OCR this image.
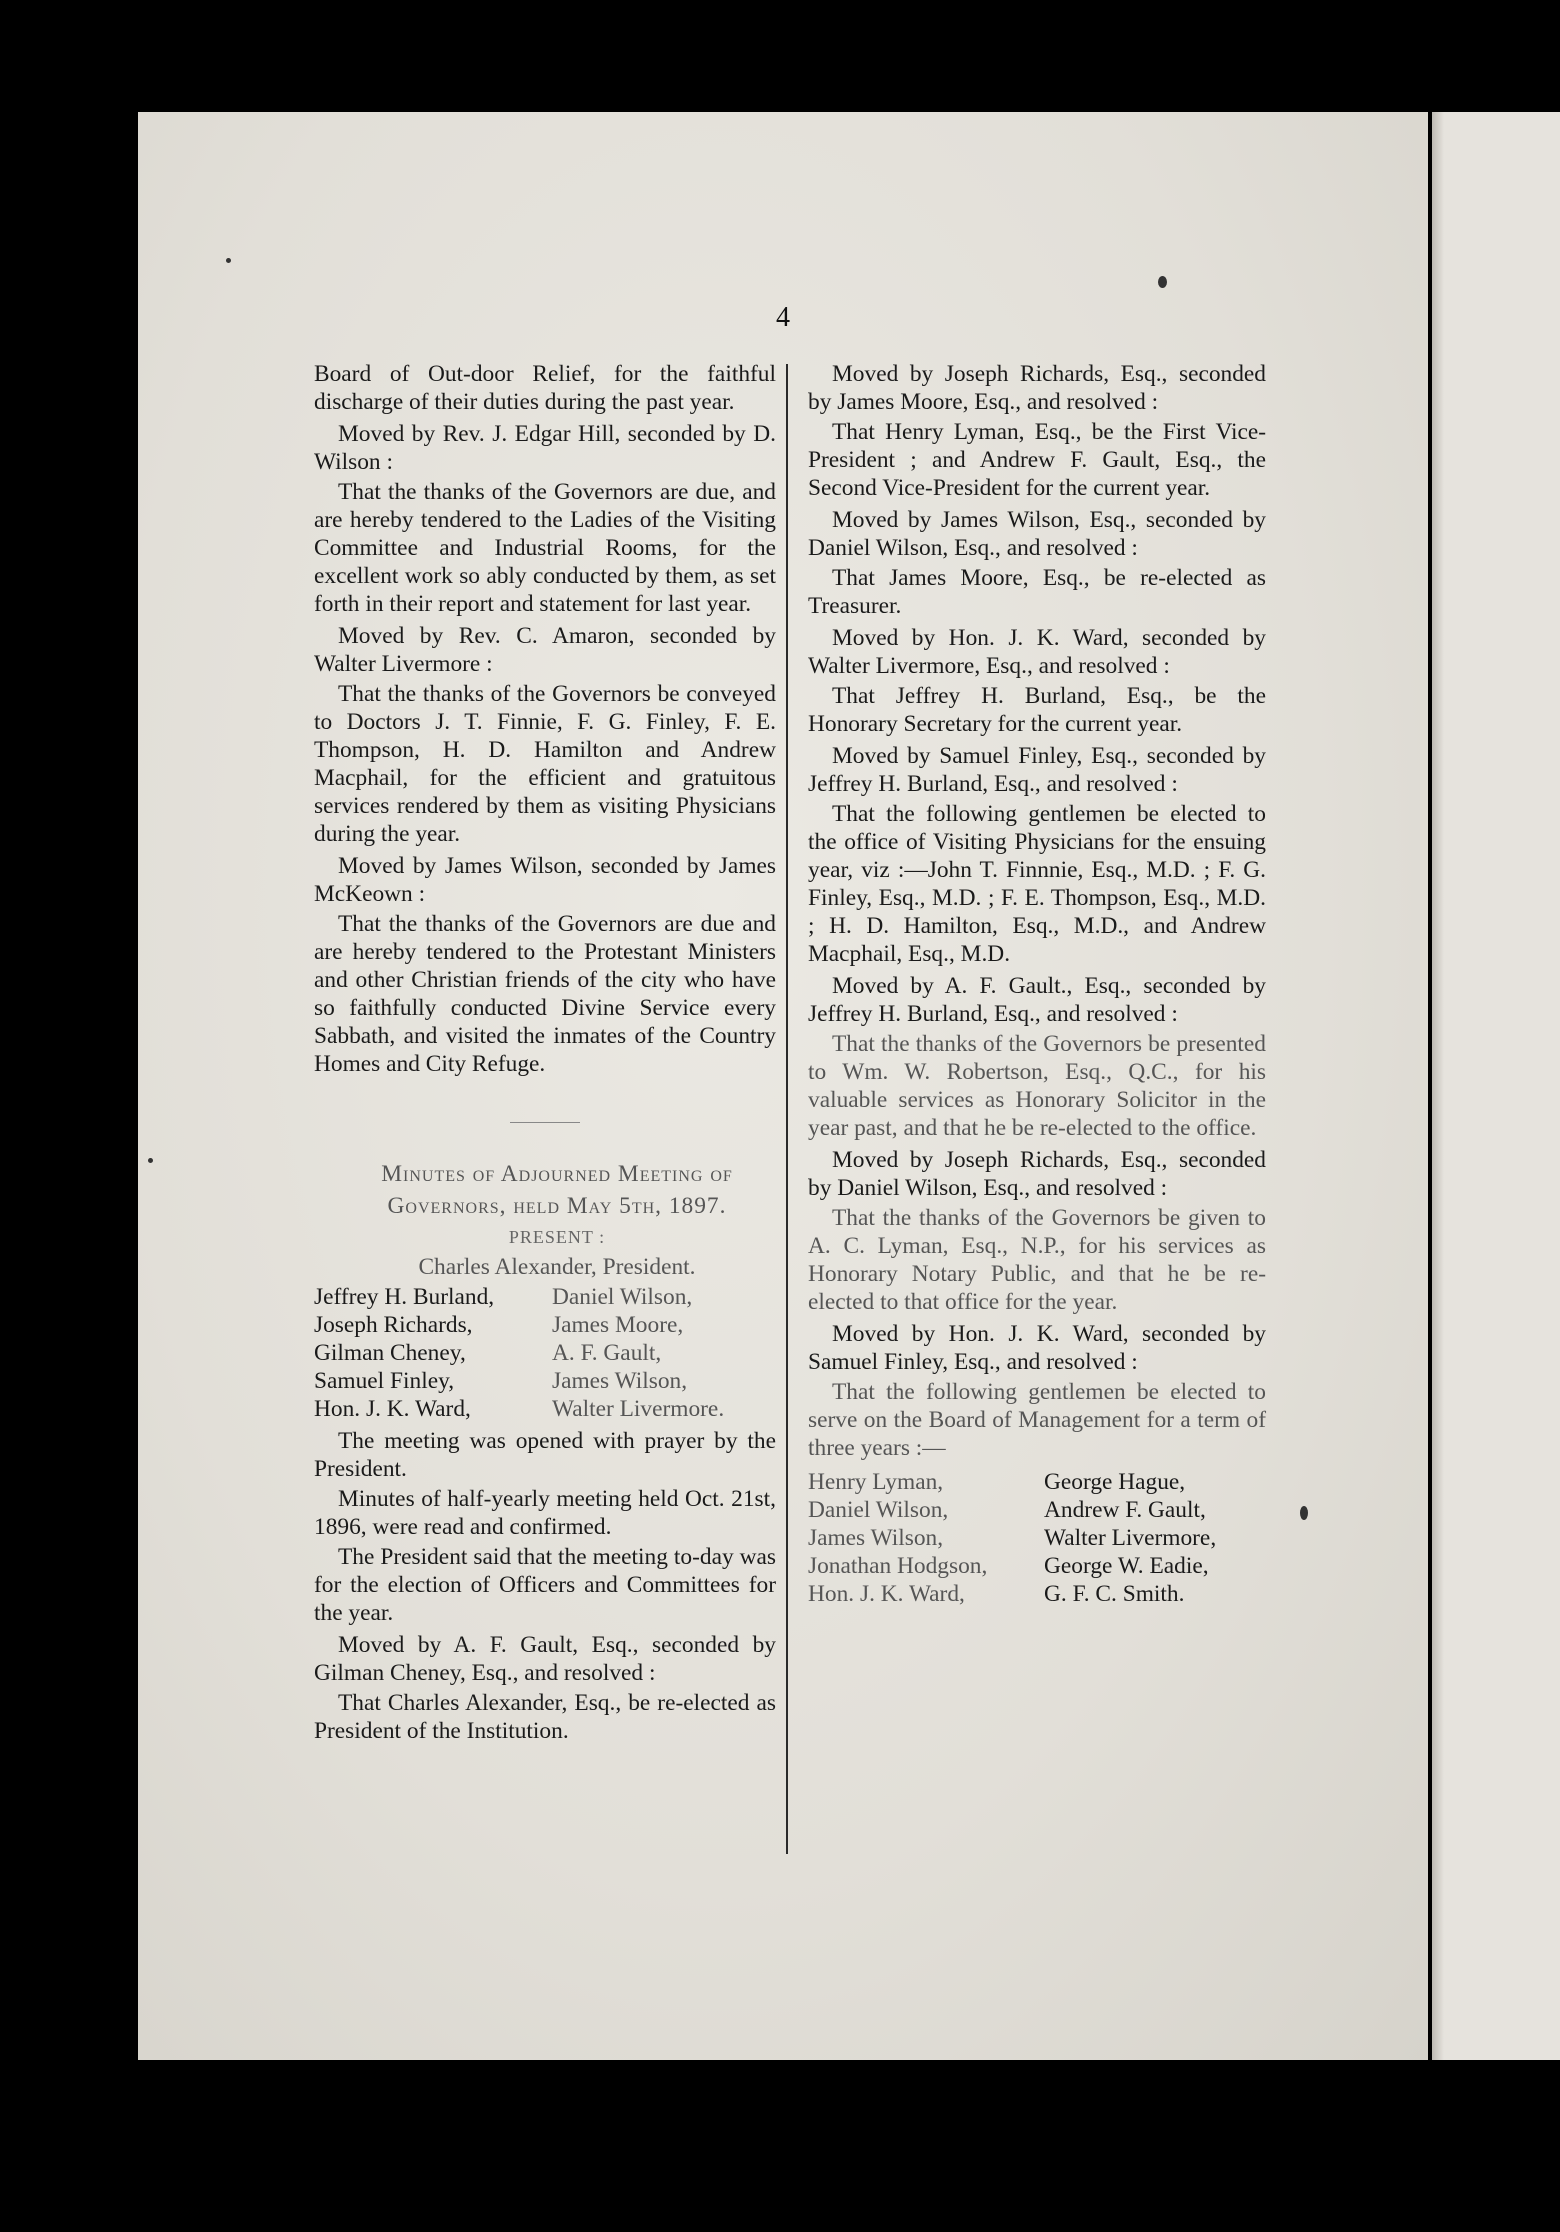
4

Board of Out-door Relief, for the faithful discharge of their duties during the past year.

Moved by Rev. J. Edgar Hill, seconded by D. Wilson :

That the thanks of the Governors are due, and are hereby tendered to the Ladies of the Visiting Committee and Industrial Rooms, for the excellent work so ably conducted by them, as set forth in their report and statement for last year.

Moved by Rev. C. Amaron, seconded by Walter Livermore :

That the thanks of the Governors be conveyed to Doctors J. T. Finnie, F. G. Finley, F. E. Thompson, H. D. Hamilton and Andrew Macphail, for the efficient and gratuitous services rendered by them as visiting Physicians during the year.

Moved by James Wilson, seconded by James McKeown :

That the thanks of the Governors are due and are hereby tendered to the Protestant Ministers and other Christian friends of the city who have so faithfully conducted Divine Service every Sabbath, and visited the inmates of the Country Homes and City Refuge.

Minutes of Adjourned Meeting of

Governors, held May 5th, 1897.

PRESENT :

Charles Alexander, President.

Jeffrey H. Burland,	Daniel Wilson,
Joseph Richards,	James Moore,
Gilman Cheney,	A. F. Gault,
Samuel Finley,	James Wilson,
Hon. J. K. Ward,	Walter Livermore.

The meeting was opened with prayer by the President.

Minutes of half-yearly meeting held Oct. 21st, 1896, were read and confirmed.

The President said that the meeting to-day was for the election of Officers and Committees for the year.

Moved by A. F. Gault, Esq., seconded by Gilman Cheney, Esq., and resolved :

That Charles Alexander, Esq., be re-elected as President of the Institution.

Moved by Joseph Richards, Esq., seconded by James Moore, Esq., and resolved :

That Henry Lyman, Esq., be the First Vice-President ; and Andrew F. Gault, Esq., the Second Vice-President for the current year.

Moved by James Wilson, Esq., seconded by Daniel Wilson, Esq., and resolved :

That James Moore, Esq., be re-elected as Treasurer.

Moved by Hon. J. K. Ward, seconded by Walter Livermore, Esq., and resolved :

That Jeffrey H. Burland, Esq., be the Honorary Secretary for the current year.

Moved by Samuel Finley, Esq., seconded by Jeffrey H. Burland, Esq., and resolved :

That the following gentlemen be elected to the office of Visiting Physicians for the ensuing year, viz :—John T. Finnnie, Esq., M.D. ; F. G. Finley, Esq., M.D. ; F. E. Thompson, Esq., M.D. ; H. D. Hamilton, Esq., M.D., and Andrew Macphail, Esq., M.D.

Moved by A. F. Gault., Esq., seconded by Jeffrey H. Burland, Esq., and resolved :

That the thanks of the Governors be presented to Wm. W. Robertson, Esq., Q.C., for his valuable services as Honorary Solicitor in the year past, and that he be re-elected to the office.

Moved by Joseph Richards, Esq., seconded by Daniel Wilson, Esq., and resolved :

That the thanks of the Governors be given to A. C. Lyman, Esq., N.P., for his services as Honorary Notary Public, and that he be re-elected to that office for the year.

Moved by Hon. J. K. Ward, seconded by Samuel Finley, Esq., and resolved :

That the following gentlemen be elected to serve on the Board of Management for a term of three years :—

Henry Lyman,	George Hague,
Daniel Wilson,	Andrew F. Gault,
James Wilson,	Walter Livermore,
Jonathan Hodgson,	George W. Eadie,
Hon. J. K. Ward,	G. F. C. Smith.
